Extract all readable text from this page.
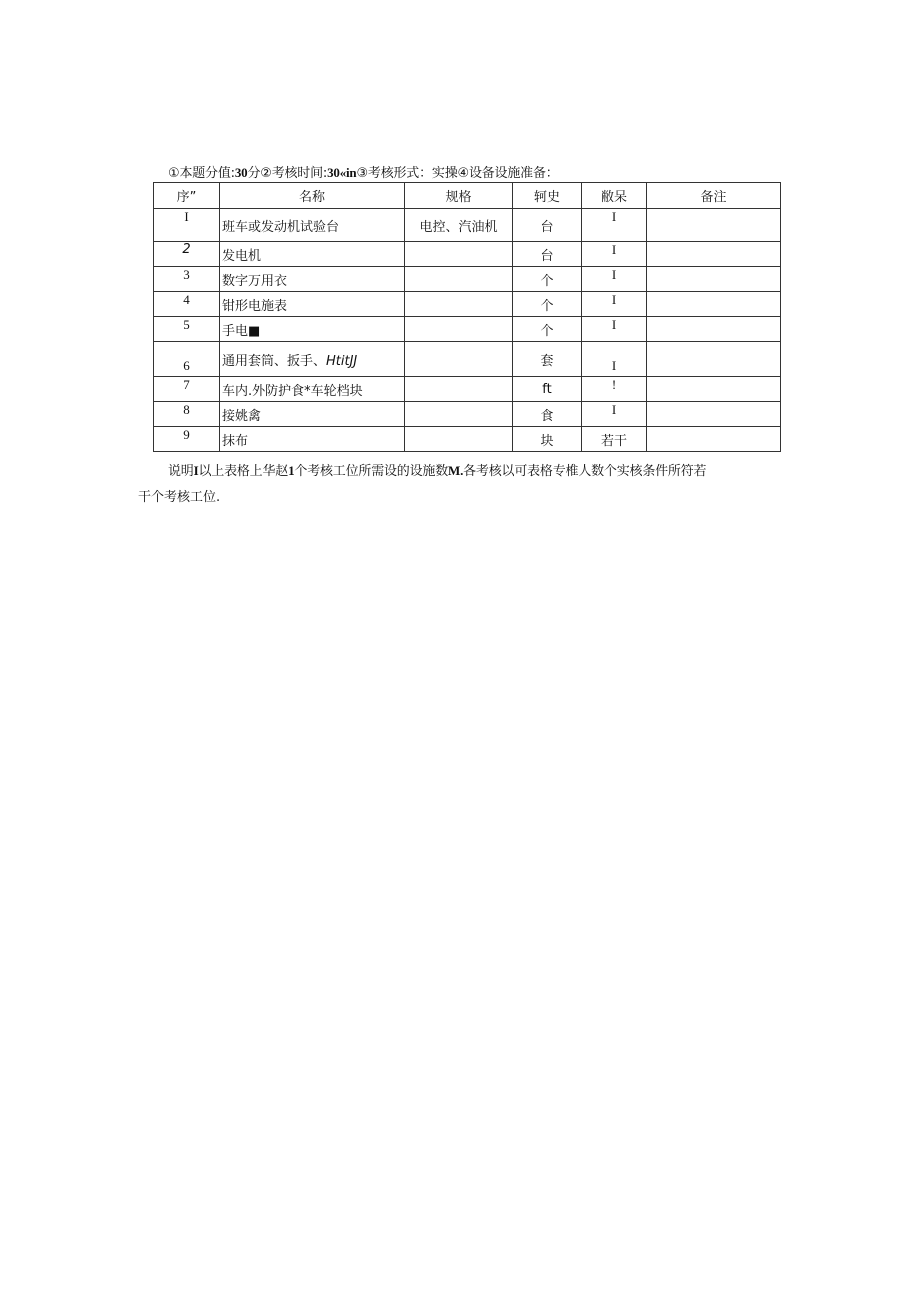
①本题分值:30分②考核时间:30«in③考核形式：实操④设备设施准备：
序”	名称	规格	轲史	敝呆	备注
I	班车或发动机试验台	电控、汽油机	台	I	
2	发电机		台	I	
3	数字万用衣		个	I	
4	钳形电施表		个	I	
5	手电■		个	I	
6	通用套筒、扳手、HtitJJ		套	I	
7	车内.外防护食*车轮档块		ft	!	
8	接姚禽		食	I	
9	抹布		块	若干	
说明I以上表格上华赵1个考核工位所需设的设施数M.各考核以可表格专椎人数个实核条件所符若
干个考核工位.
